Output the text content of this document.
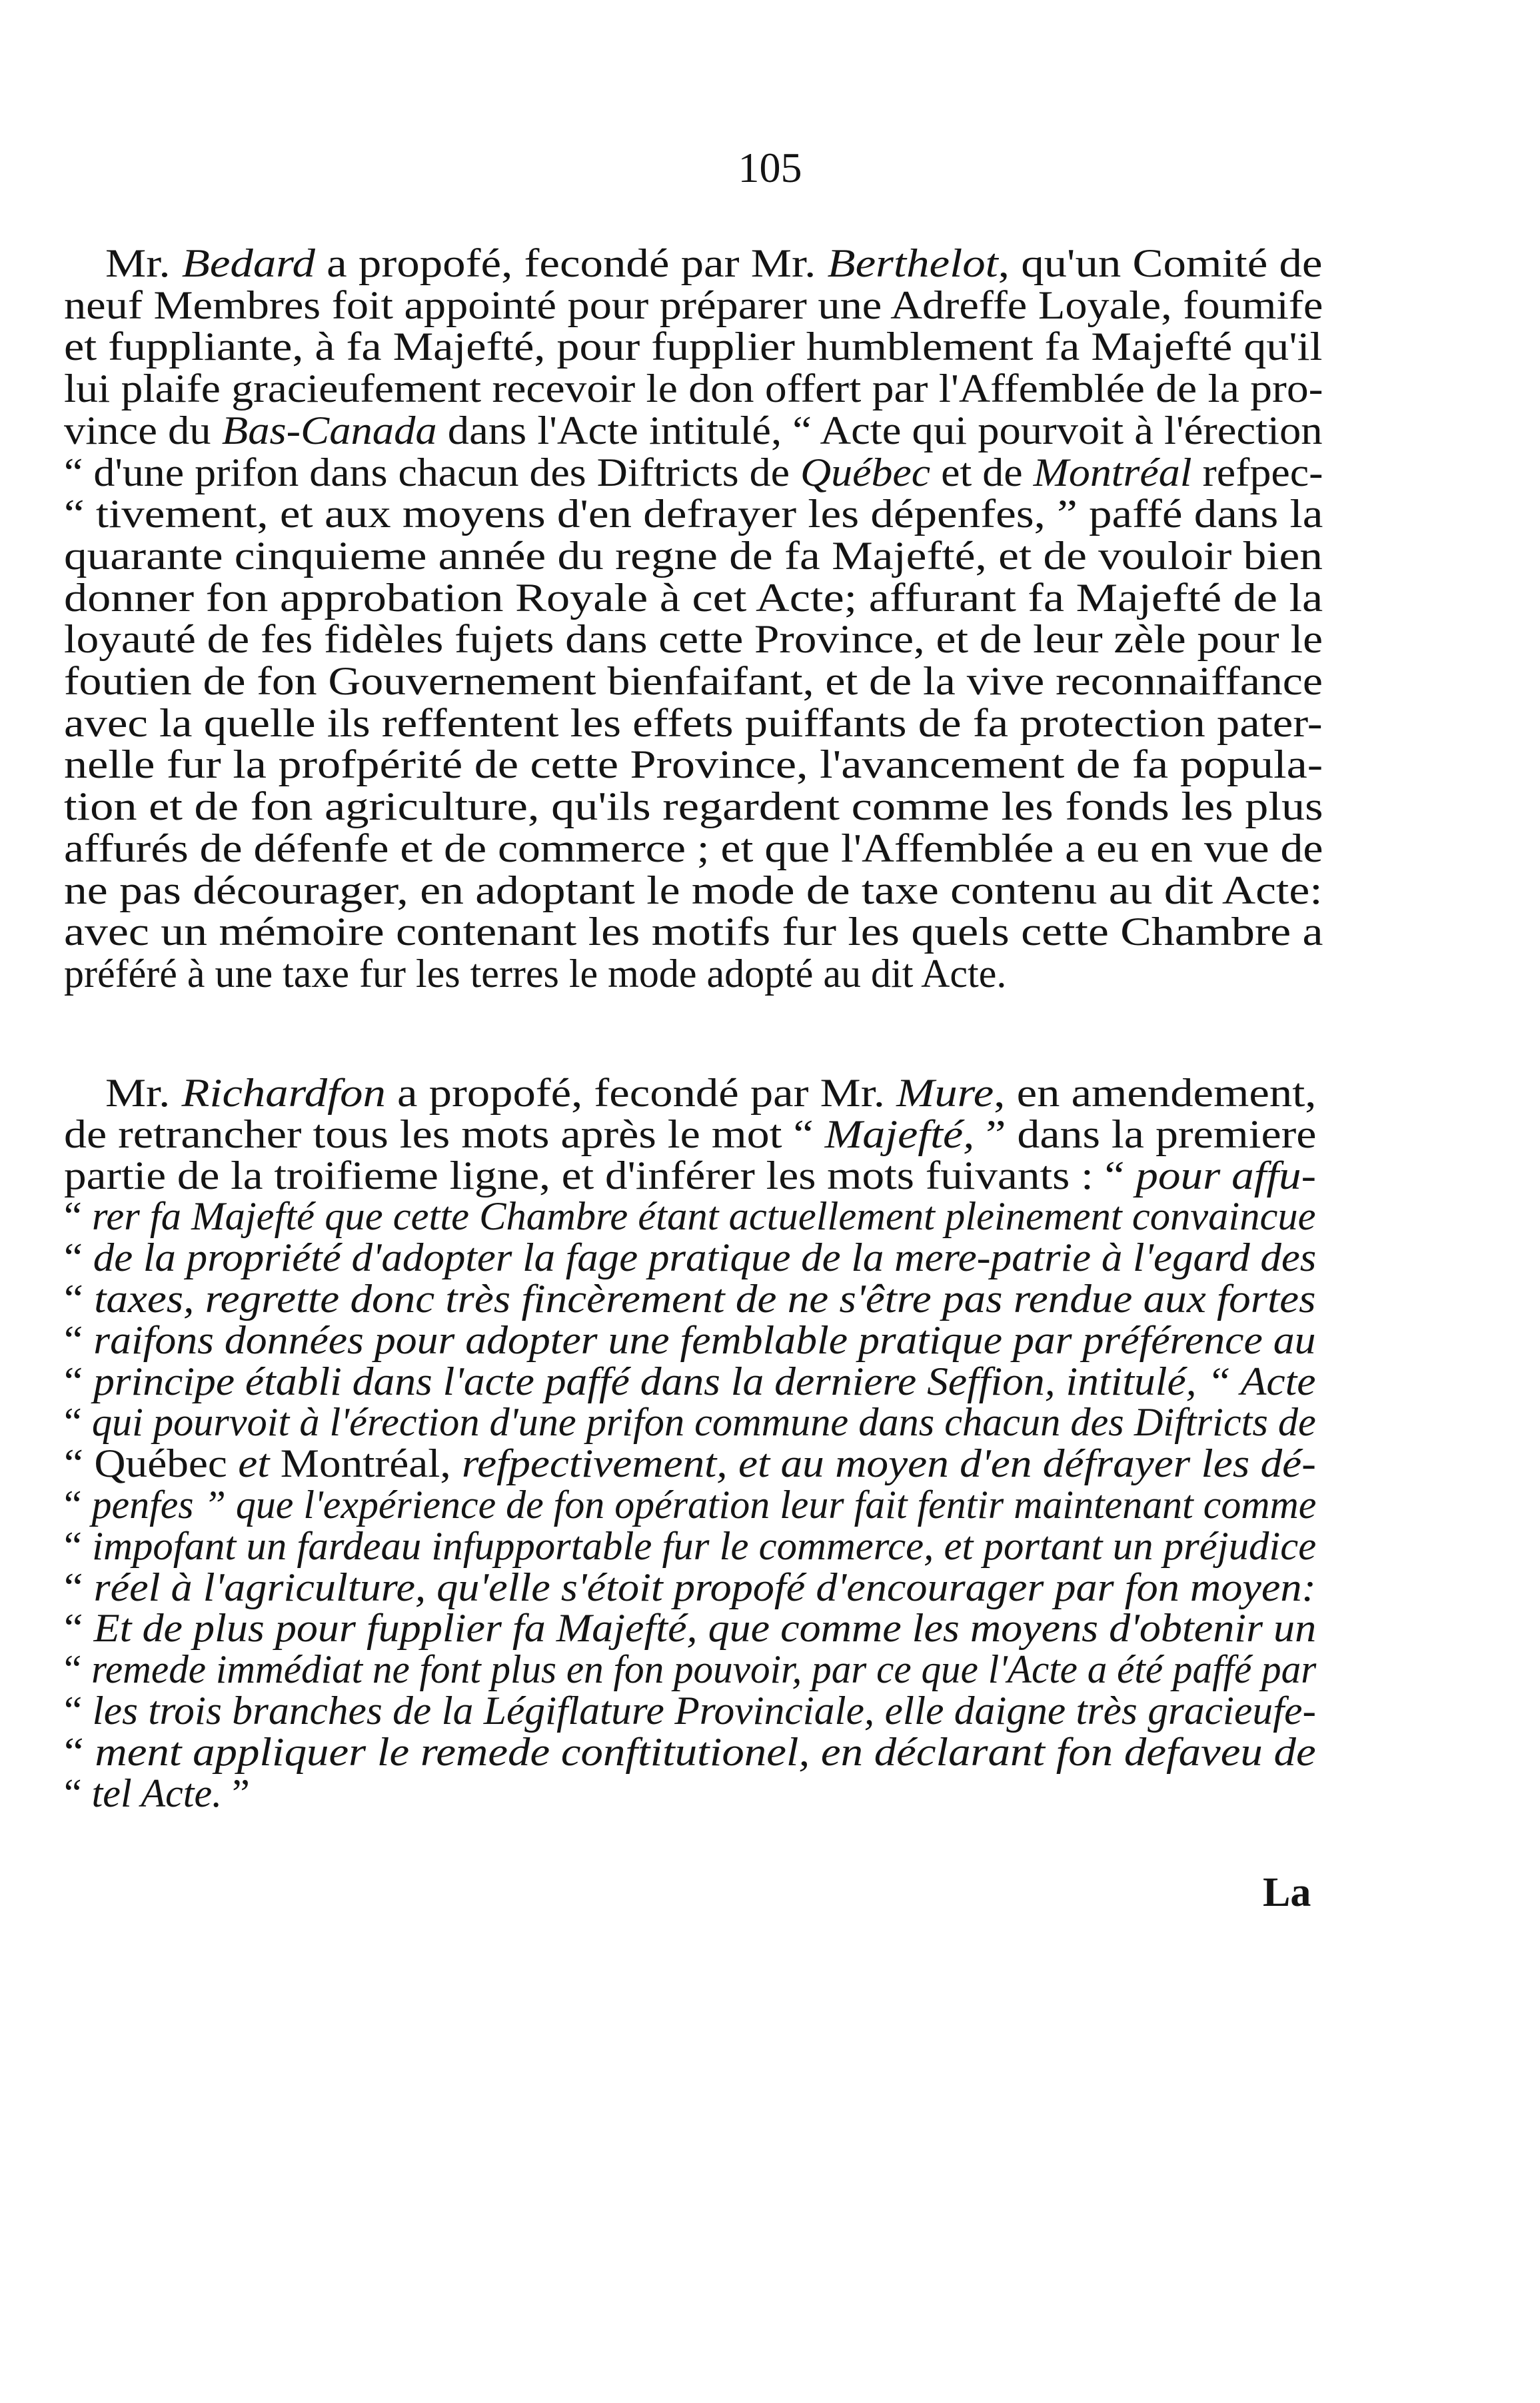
105
Mr. Bedard a propofé, fecondé par Mr. Berthelot, qu'un Comité de
neuf Membres foit appointé pour préparer une Adreffe Loyale, foumife
et fuppliante, à fa Majefté, pour fupplier humblement fa Majefté qu'il
lui plaife gracieufement recevoir le don offert par l'Affemblée de la pro-
vince du Bas-Canada dans l'Acte intitulé, “ Acte qui pourvoit à l'érection
“ d'une prifon dans chacun des Diftricts de Québec et de Montréal refpec-
“ tivement, et aux moyens d'en defrayer les dépenfes, ” paffé dans la
quarante cinquieme année du regne de fa Majefté, et de vouloir bien
donner fon approbation Royale à cet Acte; affurant fa Majefté de la
loyauté de fes fidèles fujets dans cette Province, et de leur zèle pour le
foutien de fon Gouvernement bienfaifant, et de la vive reconnaiffance
avec la quelle ils reffentent les effets puiffants de fa protection pater-
nelle fur la profpérité de cette Province, l'avancement de fa popula-
tion et de fon agriculture, qu'ils regardent comme les fonds les plus
affurés de défenfe et de commerce ; et que l'Affemblée a eu en vue de
ne pas décourager, en adoptant le mode de taxe contenu au dit Acte:
avec un mémoire contenant les motifs fur les quels cette Chambre a
préféré à une taxe fur les terres le mode adopté au dit Acte.
Mr. Richardfon a propofé, fecondé par Mr. Mure, en amendement,
de retrancher tous les mots après le mot “ Majefté, ” dans la premiere
partie de la troifieme ligne, et d'inférer les mots fuivants : “ pour affu-
“ rer fa Majefté que cette Chambre étant actuellement pleinement convaincue
“ de la propriété d'adopter la fage pratique de la mere-patrie à l'egard des
“ taxes, regrette donc très fincèrement de ne s'être pas rendue aux fortes
“ raifons données pour adopter une femblable pratique par préférence au
“ principe établi dans l'acte paffé dans la derniere Seffion, intitulé, “ Acte
“ qui pourvoit à l'érection d'une prifon commune dans chacun des Diftricts de
“ Québec et Montréal, refpectivement, et au moyen d'en défrayer les dé-
“ penfes ” que l'expérience de fon opération leur fait fentir maintenant comme
“ impofant un fardeau infupportable fur le commerce, et portant un préjudice
“ réel à l'agriculture, qu'elle s'étoit propofé d'encourager par fon moyen:
“ Et de plus pour fupplier fa Majefté, que comme les moyens d'obtenir un
“ remede immédiat ne font plus en fon pouvoir, par ce que l'Acte a été paffé par
“ les trois branches de la Légiflature Provinciale, elle daigne très gracieufe-
“ ment appliquer le remede conftitutionel, en déclarant fon defaveu de
“ tel Acte. ”
La
